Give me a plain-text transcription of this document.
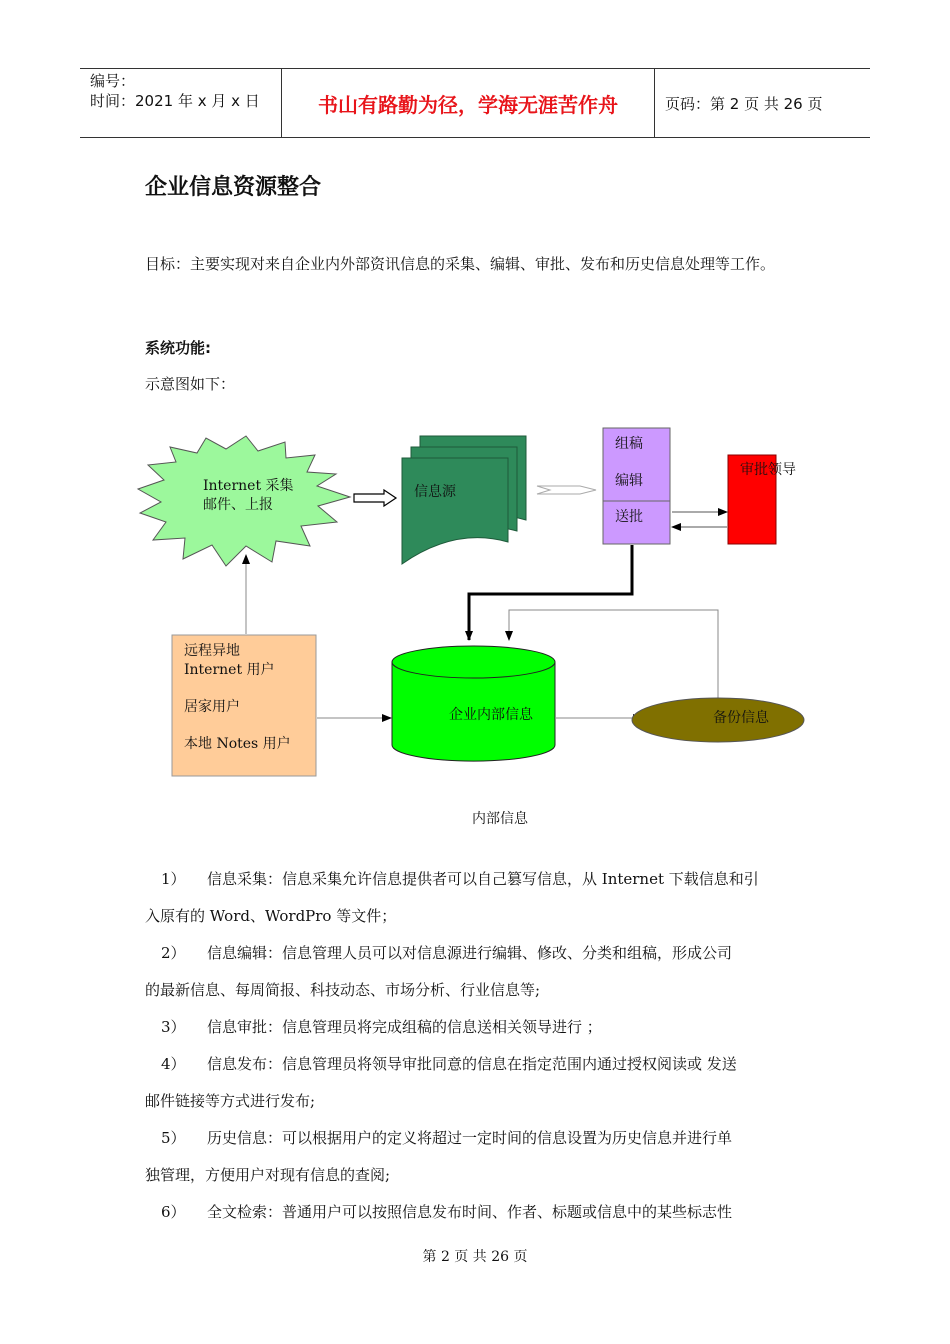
编号：
时间：2021 年 x 月 x 日	书山有路勤为径，学海无涯苦作舟	页码：第 2 页 共 26 页
企业信息资源整合
目标：主要实现对来自企业内外部资讯信息的采集、编辑、审批、发布和历史信息处理等工作。
系统功能:
示意图如下：
Internet 采集
邮件、上报
信息源
组稿
编辑
送批
审批领导
远程异地
Internet 用户
居家用户
本地 Notes 用户
企业内部信息	备份信息
内部信息
1） 信息采集：信息采集允许信息提供者可以自己篡写信息，从 Internet 下载信息和引
入原有的 Word、WordPro 等文件；
2） 信息编辑：信息管理人员可以对信息源进行编辑、修改、分类和组稿，形成公司
的最新信息、每周简报、科技动态、市场分析、行业信息等;
3） 信息审批：信息管理员将完成组稿的信息送相关领导进行 ；
4） 信息发布：信息管理员将领导审批同意的信息在指定范围内通过授权阅读或 发送
邮件链接等方式进行发布;
5） 历史信息：可以根据用户的定义将超过一定时间的信息设置为历史信息并进行单
独管理，方便用户对现有信息的查阅;
6） 全文检索：普通用户可以按照信息发布时间、作者、标题或信息中的某些标志性
第 2 页 共 26 页
